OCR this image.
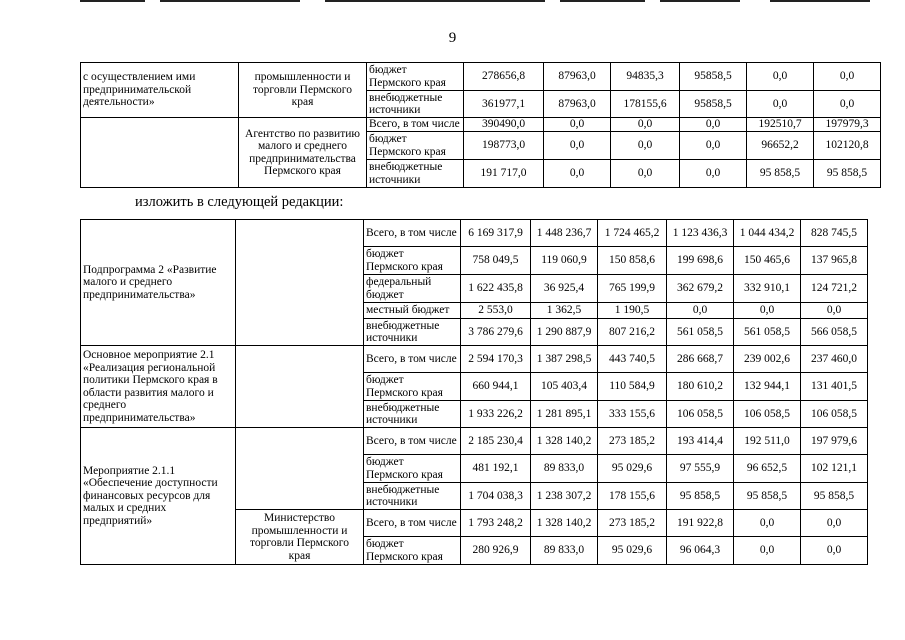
9
с осуществлением ими предпринимательской деятельности»	промышленности и торговли Пермского края	бюджет Пермского края	278656,8	87963,0	94835,3	95858,5	0,0	0,0
		внебюджетные источники	361977,1	87963,0	178155,6	95858,5	0,0	0,0
	Агентство по развитию малого и среднего предпринимательства Пермского края	Всего, в том числе	390490,0	0,0	0,0	0,0	192510,7	197979,3
		бюджет Пермского края	198773,0	0,0	0,0	0,0	96652,2	102120,8
		внебюджетные источники	191 717,0	0,0	0,0	0,0	95 858,5	95 858,5
изложить в следующей редакции:
Подпрограмма 2 «Развитие малого и среднего предпринимательства»		Всего, в том числе	6 169 317,9	1 448 236,7	1 724 465,2	1 123 436,3	1 044 434,2	828 745,5
		бюджет Пермского края	758 049,5	119 060,9	150 858,6	199 698,6	150 465,6	137 965,8
		федеральный бюджет	1 622 435,8	36 925,4	765 199,9	362 679,2	332 910,1	124 721,2
		местный бюджет	2 553,0	1 362,5	1 190,5	0,0	0,0	0,0
		внебюджетные источники	3 786 279,6	1 290 887,9	807 216,2	561 058,5	561 058,5	566 058,5
Основное мероприятие 2.1 «Реализация региональной политики Пермского края в области развития малого и среднего предпринимательства»		Всего, в том числе	2 594 170,3	1 387 298,5	443 740,5	286 668,7	239 002,6	237 460,0
		бюджет Пермского края	660 944,1	105 403,4	110 584,9	180 610,2	132 944,1	131 401,5
		внебюджетные источники	1 933 226,2	1 281 895,1	333 155,6	106 058,5	106 058,5	106 058,5
Мероприятие 2.1.1 «Обеспечение доступности финансовых ресурсов для малых и средних предприятий»		Всего, в том числе	2 185 230,4	1 328 140,2	273 185,2	193 414,4	192 511,0	197 979,6
		бюджет Пермского края	481 192,1	89 833,0	95 029,6	97 555,9	96 652,5	102 121,1
		внебюджетные источники	1 704 038,3	1 238 307,2	178 155,6	95 858,5	95 858,5	95 858,5
	Министерство промышленности и торговли Пермского края	Всего, в том числе	1 793 248,2	1 328 140,2	273 185,2	191 922,8	0,0	0,0
		бюджет Пермского края	280 926,9	89 833,0	95 029,6	96 064,3	0,0	0,0
